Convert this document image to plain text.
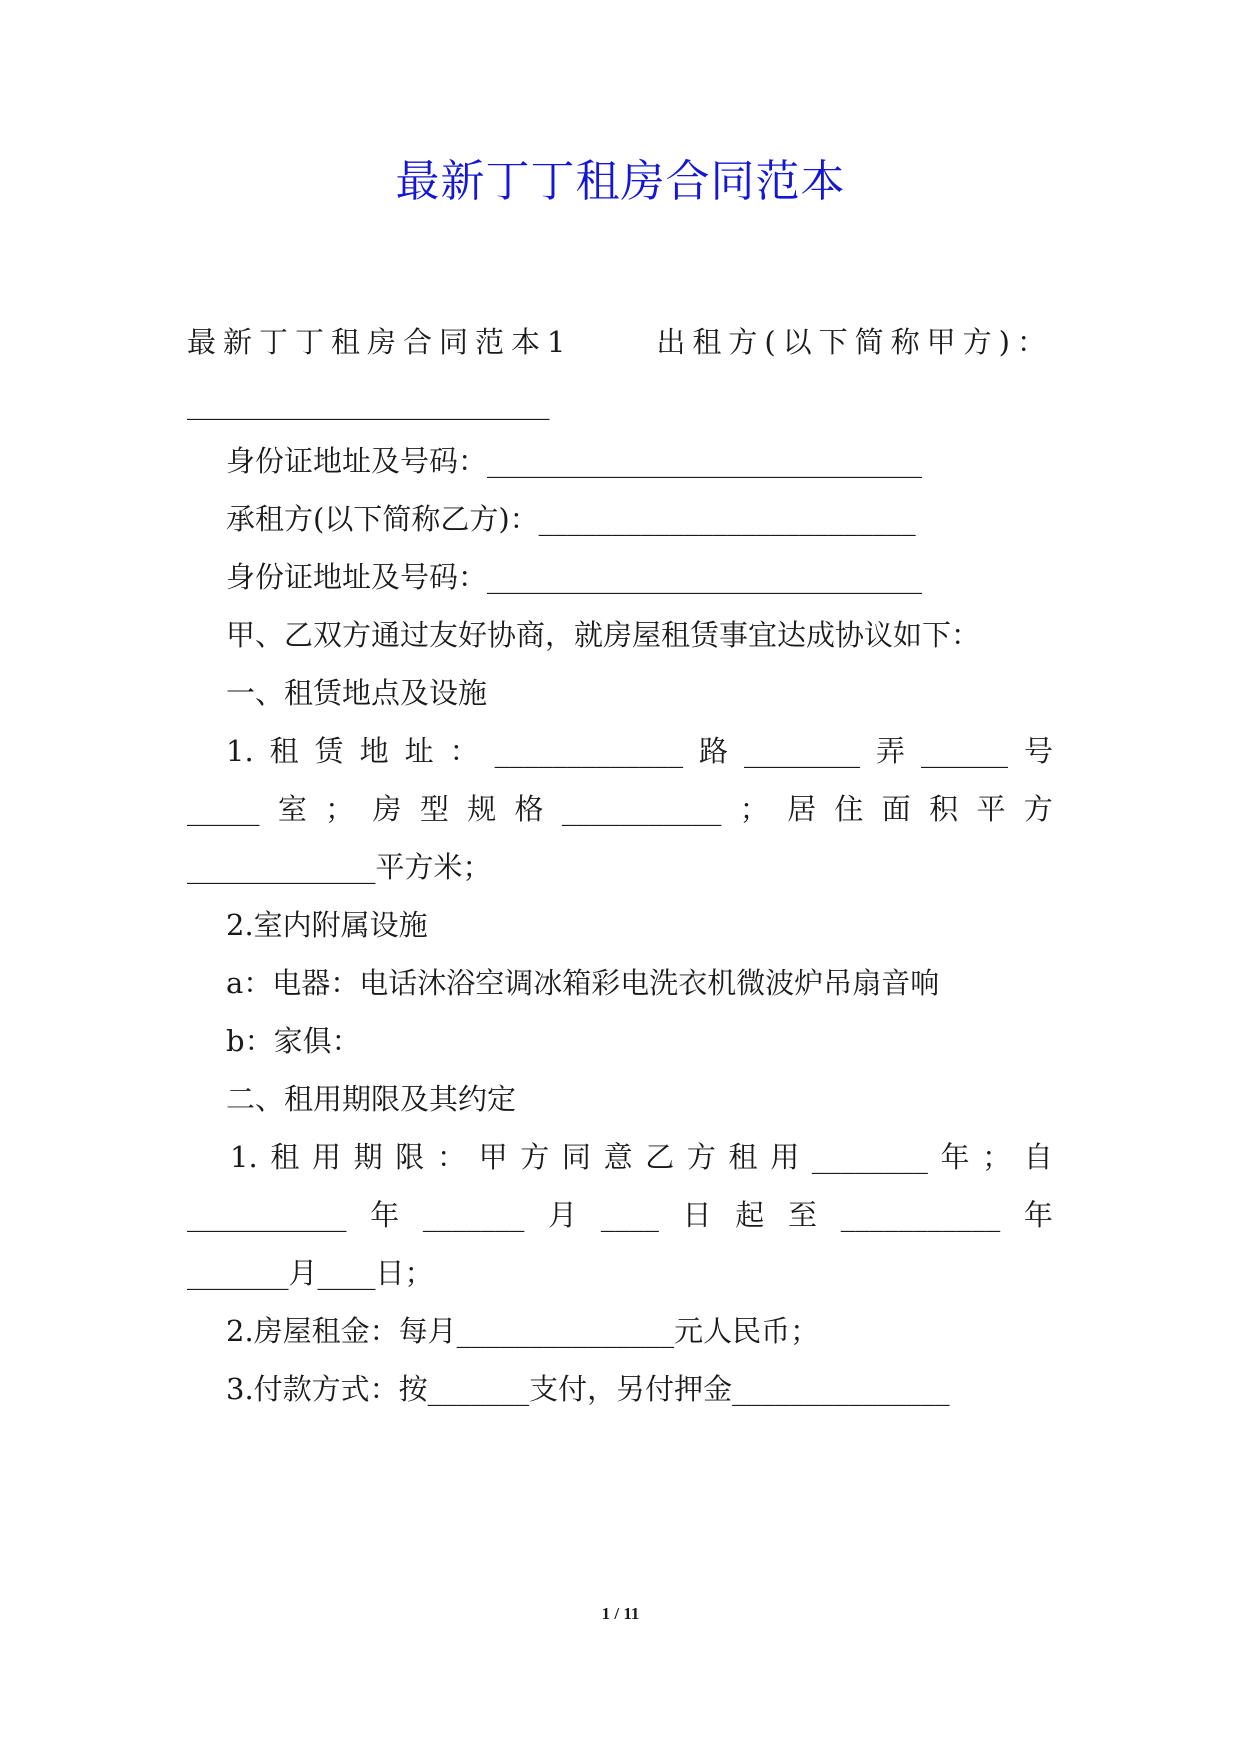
最新丁丁租房合同范本
最新丁丁租房合同范本1	出租方(以下简称甲方)：
_________________________
身份证地址及号码：______________________________
承租方(以下简称乙方)：__________________________
身份证地址及号码：______________________________
甲、乙双方通过友好协商，就房屋租赁事宜达成协议如下：
一、租赁地点及设施
1. 租 赁 地 址 ： _____________ 路 ________ 弄 ______ 号
_____ 室 ； 房 型 规 格 ___________ ； 居 住 面 积 平 方
_____________平方米；
2.室内附属设施
a：电器：电话沐浴空调冰箱彩电洗衣机微波炉吊扇音响
b：家俱：
二、租用期限及其约定
1. 租 用 期 限 ： 甲 方 同 意 乙 方 租 用 ________ 年 ； 自
___________ 年 _______ 月 ____ 日 起 至 ___________ 年
_______月____日；
2.房屋租金：每月_______________元人民币；
3.付款方式：按_______支付，另付押金_______________
1 / 11
